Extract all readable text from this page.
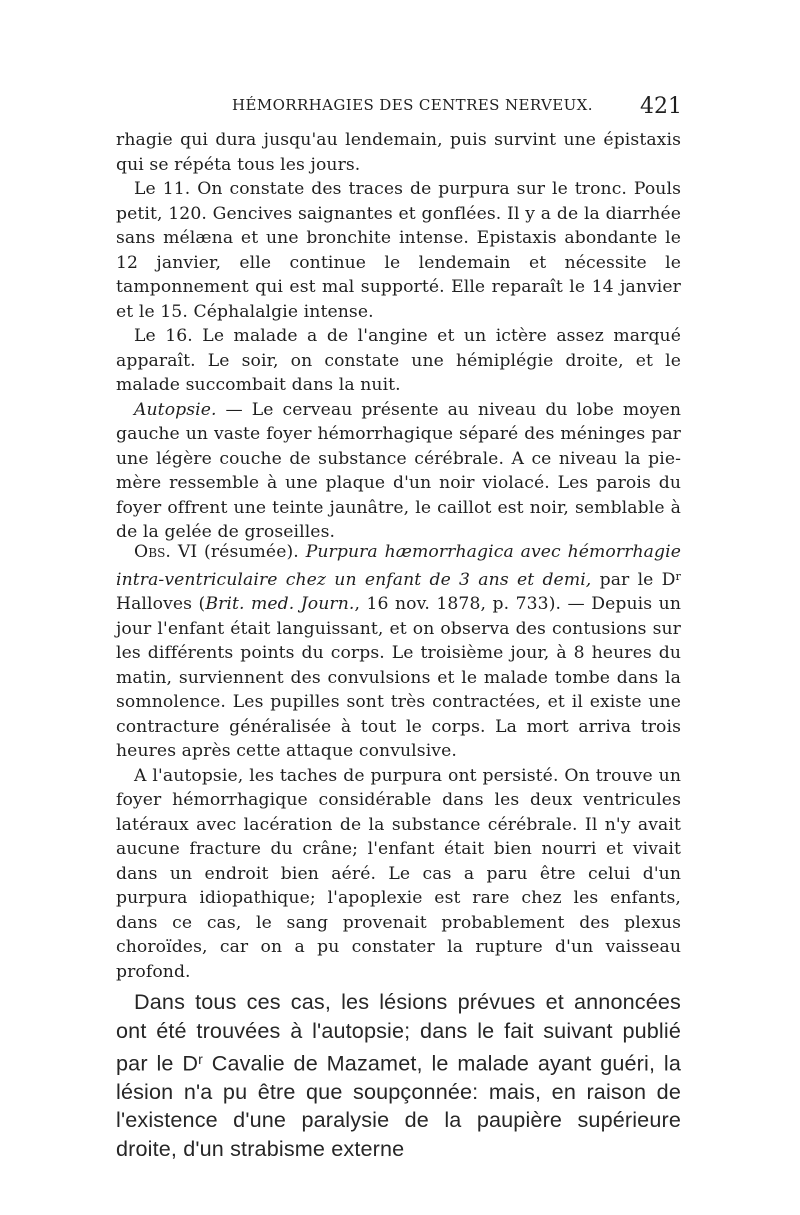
HÉMORRHAGIES DES CENTRES NERVEUX. 421

rhagie qui dura jusqu'au lendemain, puis survint une épistaxis qui se répéta tous les jours.

Le 11. On constate des traces de purpura sur le tronc. Pouls petit, 120. Gencives saignantes et gonflées. Il y a de la diarrhée sans mélæna et une bronchite intense. Epistaxis abondante le 12 janvier, elle continue le lendemain et nécessite le tamponnement qui est mal supporté. Elle reparaît le 14 janvier et le 15. Céphalalgie intense.

Le 16. Le malade a de l'angine et un ictère assez marqué apparaît. Le soir, on constate une hémiplégie droite, et le malade succombait dans la nuit.

Autopsie. — Le cerveau présente au niveau du lobe moyen gauche un vaste foyer hémorrhagique séparé des méninges par une légère couche de substance cérébrale. A ce niveau la pie-mère ressemble à une plaque d'un noir violacé. Les parois du foyer offrent une teinte jaunâtre, le caillot est noir, semblable à de la gelée de groseilles.

Obs. VI (résumée). Purpura hæmorrhagica avec hémorrhagie intra-ventriculaire chez un enfant de 3 ans et demi, par le $D^r$ Halloves (Brit. med. Journ., 16 nov. 1878, p. 733). — Depuis un jour l'enfant était languissant, et on observa des contusions sur les différents points du corps. Le troisième jour, à 8 heures du matin, surviennent des convulsions et le malade tombe dans la somnolence. Les pupilles sont très contractées, et il existe une contracture généralisée à tout le corps. La mort arriva trois heures après cette attaque convulsive.

A l'autopsie, les taches de purpura ont persisté. On trouve un foyer hémorrhagique considérable dans les deux ventricules latéraux avec lacération de la substance cérébrale. Il n'y avait aucune fracture du crâne; l'enfant était bien nourri et vivait dans un endroit bien aéré. Le cas a paru être celui d'un purpura idiopathique; l'apoplexie est rare chez les enfants, dans ce cas, le sang provenait probablement des plexus choroïdes, car on a pu constater la rupture d'un vaisseau profond.

Dans tous ces cas, les lésions prévues et annoncées ont été trouvées à l'autopsie; dans le fait suivant publié par le $D^r$ Cavalie de Mazamet, le malade ayant guéri, la lésion n'a pu être que soupçonnée: mais, en raison de l'existence d'une paralysie de la paupière supérieure droite, d'un strabisme externe
